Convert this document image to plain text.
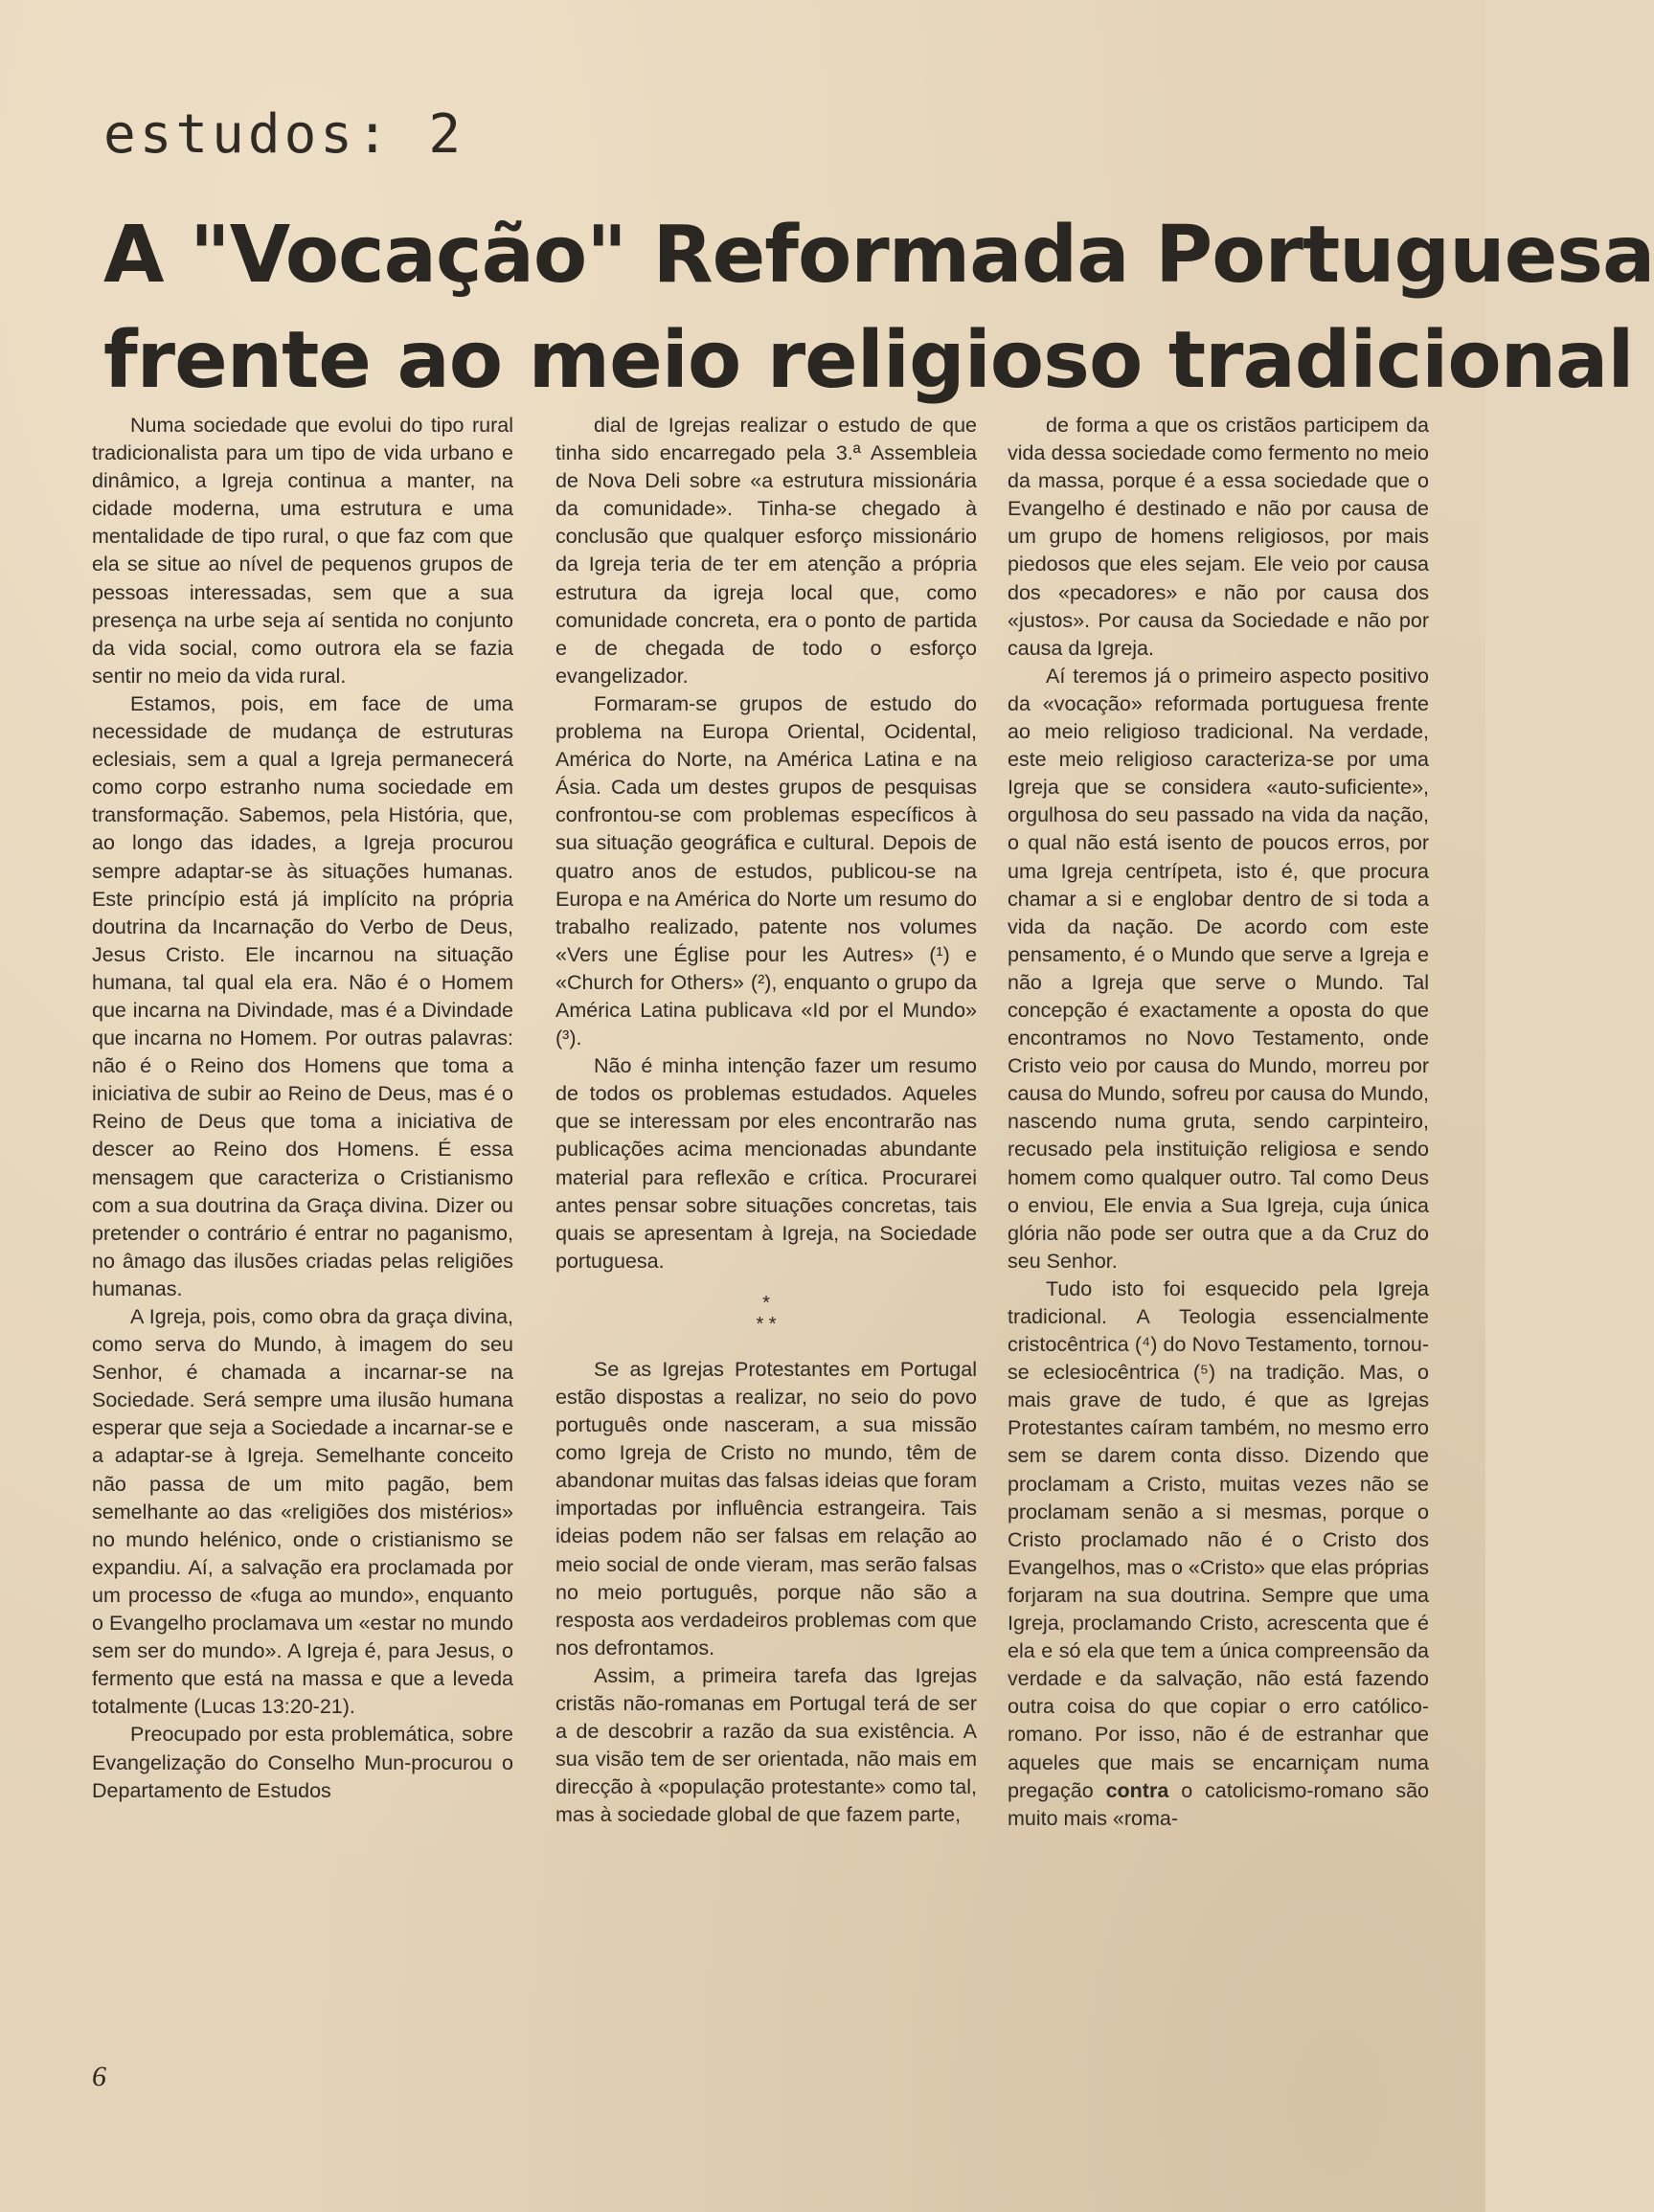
estudos: 2
A "Vocação" Reformada Portuguesa
frente ao meio religioso tradicional

Numa sociedade que evolui do tipo rural tradicionalista para um tipo de vida urbano e dinâmico, a Igreja continua a manter, na cidade moderna, uma estrutura e uma mentalidade de tipo rural, o que faz com que ela se situe ao nível de pequenos grupos de pessoas interessadas, sem que a sua presença na urbe seja aí sentida no conjunto da vida social, como outrora ela se fazia sentir no meio da vida rural.

Estamos, pois, em face de uma necessidade de mudança de estruturas eclesiais, sem a qual a Igreja permanecerá como corpo estranho numa sociedade em transformação. Sabemos, pela História, que, ao longo das idades, a Igreja procurou sempre adaptar-se às situações humanas. Este princípio está já implícito na própria doutrina da Incarnação do Verbo de Deus, Jesus Cristo. Ele incarnou na situação humana, tal qual ela era. Não é o Homem que incarna na Divindade, mas é a Divindade que incarna no Homem. Por outras palavras: não é o Reino dos Homens que toma a iniciativa de subir ao Reino de Deus, mas é o Reino de Deus que toma a iniciativa de descer ao Reino dos Homens. É essa mensagem que caracteriza o Cristianismo com a sua doutrina da Graça divina. Dizer ou pretender o contrário é entrar no paganismo, no âmago das ilusões criadas pelas religiões humanas.

A Igreja, pois, como obra da graça divina, como serva do Mundo, à imagem do seu Senhor, é chamada a incarnar-se na Sociedade. Será sempre uma ilusão humana esperar que seja a Sociedade a incarnar-se e a adaptar-se à Igreja. Semelhante conceito não passa de um mito pagão, bem semelhante ao das «religiões dos mistérios» no mundo helénico, onde o cristianismo se expandiu. Aí, a salvação era proclamada por um processo de «fuga ao mundo», enquanto o Evangelho proclamava um «estar no mundo sem ser do mundo». A Igreja é, para Jesus, o fermento que está na massa e que a leveda totalmente (Lucas 13:20-21).

Preocupado por esta problemática, sobre Evangelização do Conselho Mun-procurou o Departamento de Estudos

dial de Igrejas realizar o estudo de que tinha sido encarregado pela 3.ª Assembleia de Nova Deli sobre «a estrutura missionária da comunidade». Tinha-se chegado à conclusão que qualquer esforço missionário da Igreja teria de ter em atenção a própria estrutura da igreja local que, como comunidade concreta, era o ponto de partida e de chegada de todo o esforço evangelizador.

Formaram-se grupos de estudo do problema na Europa Oriental, Ocidental, América do Norte, na América Latina e na Ásia. Cada um destes grupos de pesquisas confrontou-se com problemas específicos à sua situação geográfica e cultural. Depois de quatro anos de estudos, publicou-se na Europa e na América do Norte um resumo do trabalho realizado, patente nos volumes «Vers une Église pour les Autres» (¹) e «Church for Others» (²), enquanto o grupo da América Latina publicava «Id por el Mundo» (³).

Não é minha intenção fazer um resumo de todos os problemas estudados. Aqueles que se interessam por eles encontrarão nas publicações acima mencionadas abundante material para reflexão e crítica. Procurarei antes pensar sobre situações concretas, tais quais se apresentam à Igreja, na Sociedade portuguesa.

*
* *

Se as Igrejas Protestantes em Portugal estão dispostas a realizar, no seio do povo português onde nasceram, a sua missão como Igreja de Cristo no mundo, têm de abandonar muitas das falsas ideias que foram importadas por influência estrangeira. Tais ideias podem não ser falsas em relação ao meio social de onde vieram, mas serão falsas no meio português, porque não são a resposta aos verdadeiros problemas com que nos defrontamos.

Assim, a primeira tarefa das Igrejas cristãs não-romanas em Portugal terá de ser a de descobrir a razão da sua existência. A sua visão tem de ser orientada, não mais em direcção à «população protestante» como tal, mas à sociedade global de que fazem parte,

de forma a que os cristãos participem da vida dessa sociedade como fermento no meio da massa, porque é a essa sociedade que o Evangelho é destinado e não por causa de um grupo de homens religiosos, por mais piedosos que eles sejam. Ele veio por causa dos «pecadores» e não por causa dos «justos». Por causa da Sociedade e não por causa da Igreja.

Aí teremos já o primeiro aspecto positivo da «vocação» reformada portuguesa frente ao meio religioso tradicional. Na verdade, este meio religioso caracteriza-se por uma Igreja que se considera «auto-suficiente», orgulhosa do seu passado na vida da nação, o qual não está isento de poucos erros, por uma Igreja centrípeta, isto é, que procura chamar a si e englobar dentro de si toda a vida da nação. De acordo com este pensamento, é o Mundo que serve a Igreja e não a Igreja que serve o Mundo. Tal concepção é exactamente a oposta do que encontramos no Novo Testamento, onde Cristo veio por causa do Mundo, morreu por causa do Mundo, sofreu por causa do Mundo, nascendo numa gruta, sendo carpinteiro, recusado pela instituição religiosa e sendo homem como qualquer outro. Tal como Deus o enviou, Ele envia a Sua Igreja, cuja única glória não pode ser outra que a da Cruz do seu Senhor.

Tudo isto foi esquecido pela Igreja tradicional. A Teologia essencialmente cristocêntrica (⁴) do Novo Testamento, tornou-se eclesiocêntrica (⁵) na tradição. Mas, o mais grave de tudo, é que as Igrejas Protestantes caíram também, no mesmo erro sem se darem conta disso. Dizendo que proclamam a Cristo, muitas vezes não se proclamam senão a si mesmas, porque o Cristo proclamado não é o Cristo dos Evangelhos, mas o «Cristo» que elas próprias forjaram na sua doutrina. Sempre que uma Igreja, proclamando Cristo, acrescenta que é ela e só ela que tem a única compreensão da verdade e da salvação, não está fazendo outra coisa do que copiar o erro católico-romano. Por isso, não é de estranhar que aqueles que mais se encarniçam numa pregação contra o catolicismo-romano são muito mais «roma-

6
